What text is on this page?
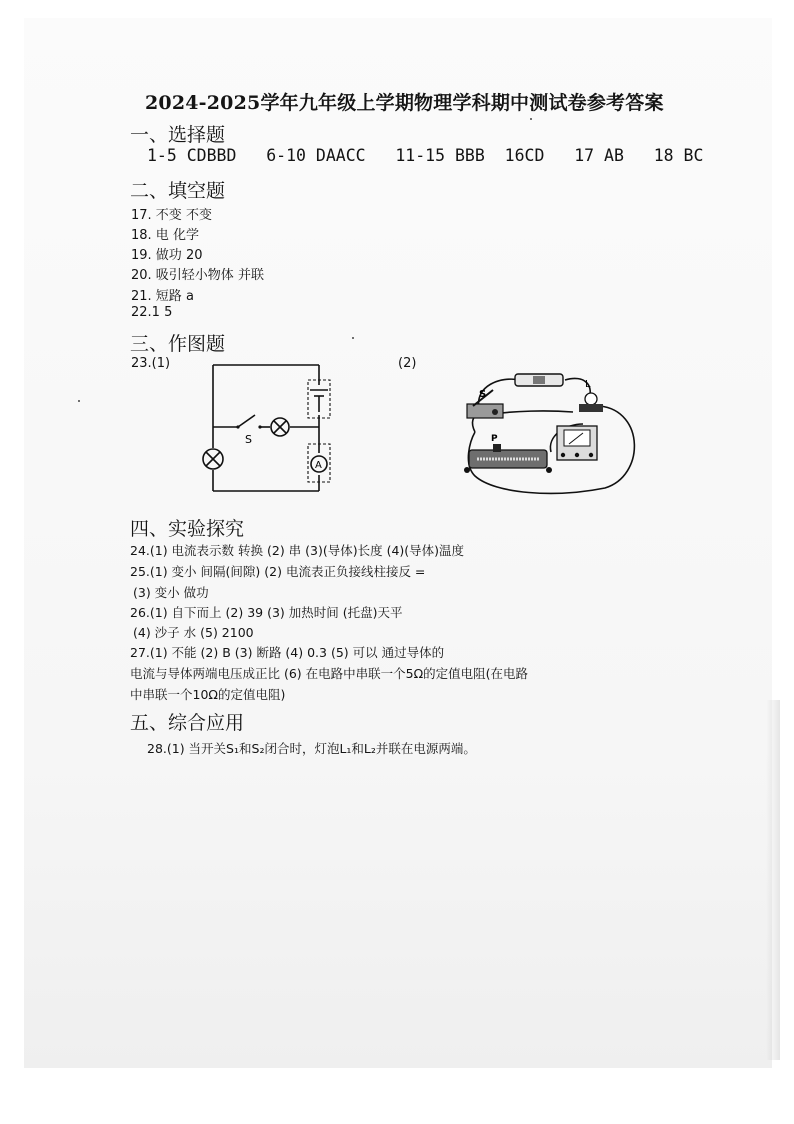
2024-2025学年九年级上学期物理学科期中测试卷参考答案
一、选择题
1-5 CDBBD 6-10 DAACC 11-15 BBB 16CD 17 AB 18 BC
二、填空题
17. 不变 不变
18. 电 化学
19. 做功 20
20. 吸引轻小物体 并联
21. 短路 a
22.1 5
三、作图题
23.(1)	(2)
S
A
S
L
P
四、实验探究
24.(1) 电流表示数 转换 (2) 串 (3)(导体)长度 (4)(导体)温度
25.(1) 变小 间隔(间隙) (2) 电流表正负接线柱接反 =
(3) 变小 做功
26.(1) 自下而上 (2) 39 (3) 加热时间 (托盘)天平
(4) 沙子 水 (5) 2100
27.(1) 不能 (2) B (3) 断路 (4) 0.3 (5) 可以 通过导体的
电流与导体两端电压成正比 (6) 在电路中串联一个5Ω的定值电阻(在电路
中串联一个10Ω的定值电阻)
五、综合应用
28.(1) 当开关S₁和S₂闭合时，灯泡L₁和L₂并联在电源两端。
